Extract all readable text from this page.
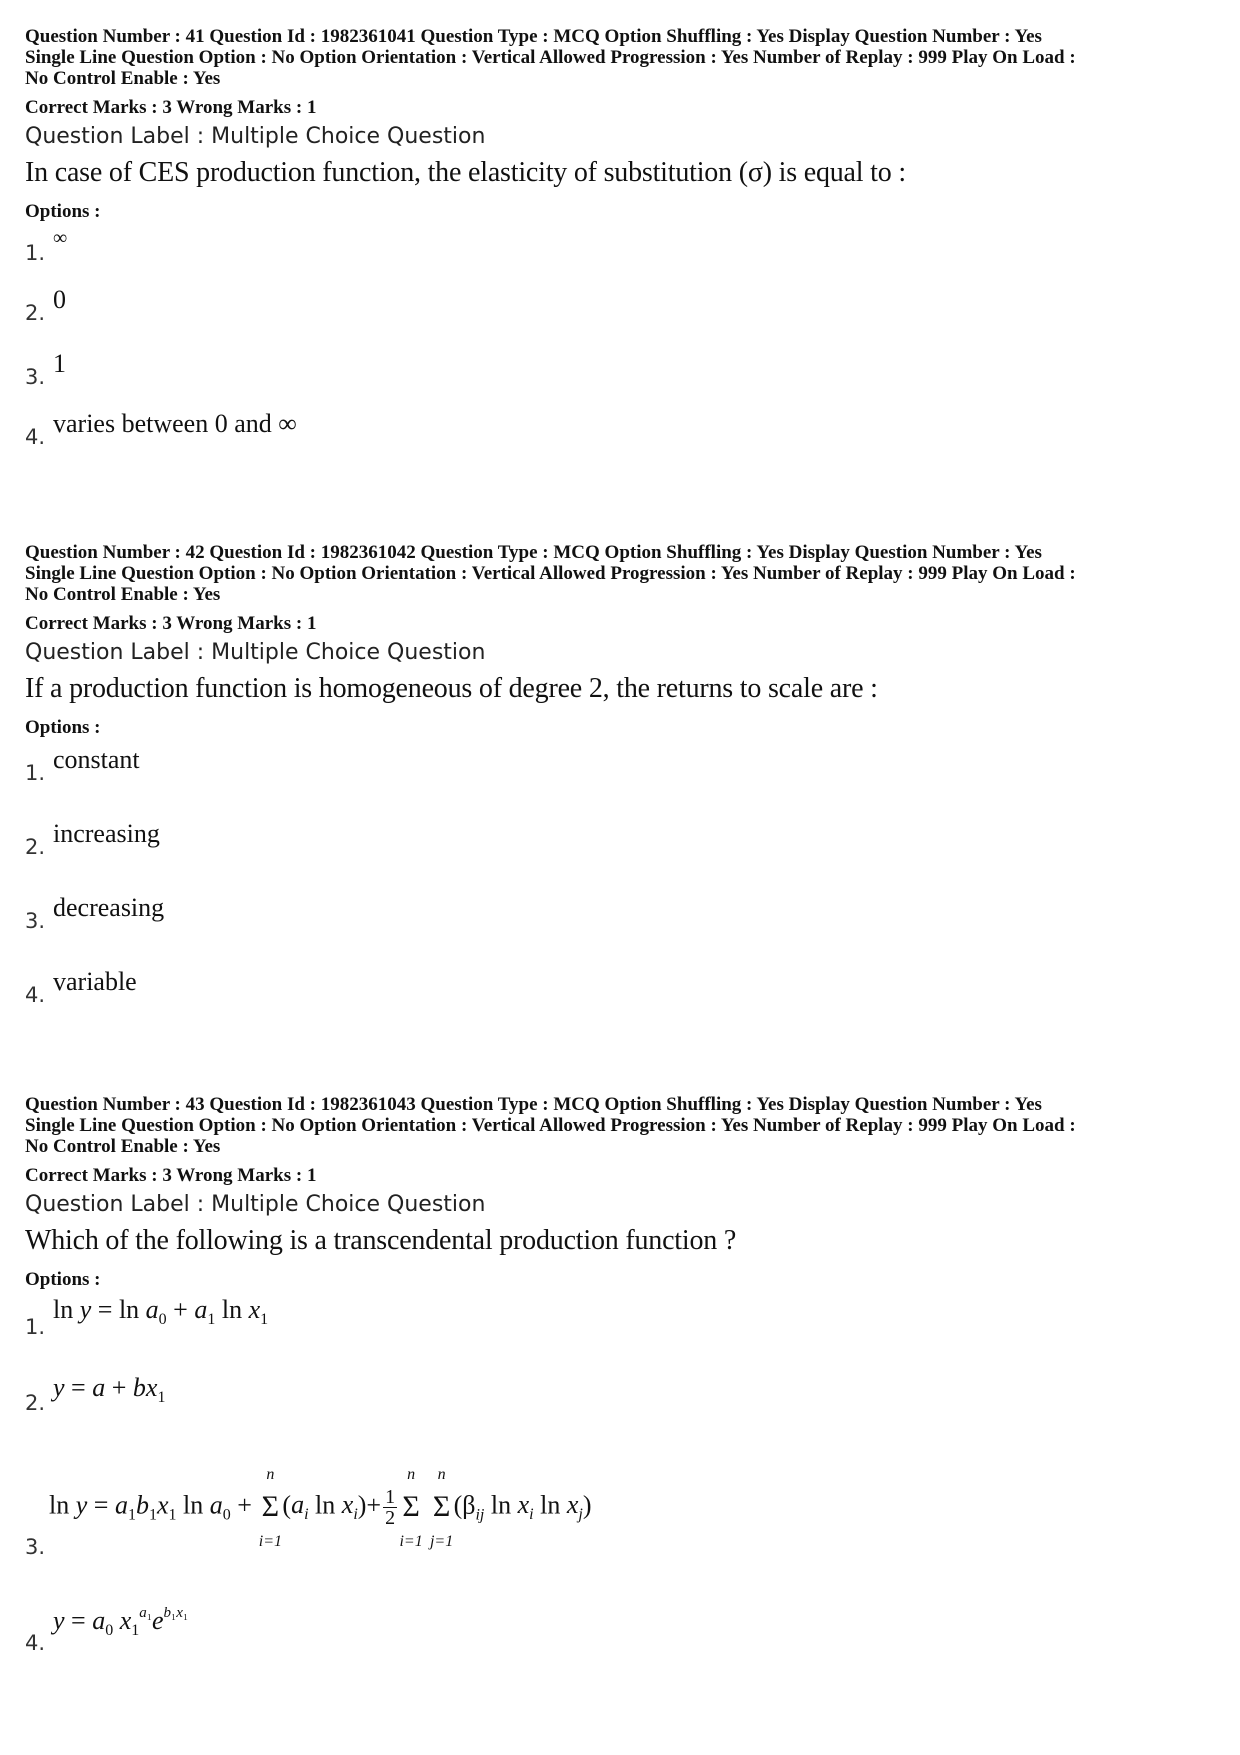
Question Number : 41 Question Id : 1982361041 Question Type : MCQ Option Shuffling : Yes Display Question Number : Yes

Single Line Question Option : No Option Orientation : Vertical Allowed Progression : Yes Number of Replay : 999 Play On Load :

No Control Enable : Yes

Correct Marks : 3 Wrong Marks : 1
Question Label : Multiple Choice Question
In case of CES production function, the elasticity of substitution (σ) is equal to :
Options :
1.
∞
2. 0
3. 1
4. varies between 0 and ∞

Question Number : 42 Question Id : 1982361042 Question Type : MCQ Option Shuffling : Yes Display Question Number : Yes

Single Line Question Option : No Option Orientation : Vertical Allowed Progression : Yes Number of Replay : 999 Play On Load :

No Control Enable : Yes

Correct Marks : 3 Wrong Marks : 1
Question Label : Multiple Choice Question
If a production function is homogeneous of degree 2, the returns to scale are :
Options :
1. constant
2. increasing
3. decreasing
4. variable

Question Number : 43 Question Id : 1982361043 Question Type : MCQ Option Shuffling : Yes Display Question Number : Yes

Single Line Question Option : No Option Orientation : Vertical Allowed Progression : Yes Number of Replay : 999 Play On Load :

No Control Enable : Yes

Correct Marks : 3 Wrong Marks : 1
Question Label : Multiple Choice Question
Which of the following is a transcendental production function ?
Options :
1.
$\ln y = \ln a_0 + a_1$ $\ln x_1$
2.
$y = a + bx_1$
3.
$\ln y = a_1b_1x_1$ $\ln a_0$ +
n
Σ
i=1
($a_i$ $\ln x_i)+ \frac{1}{2}$
n
Σ
i=1

n
Σ
j=1
($\beta_{ij}$ $\ln x_i$ $\ln x_j$)
4.
$y = a_0$ $x_1^{a_1}e^{b_1x_1}$
